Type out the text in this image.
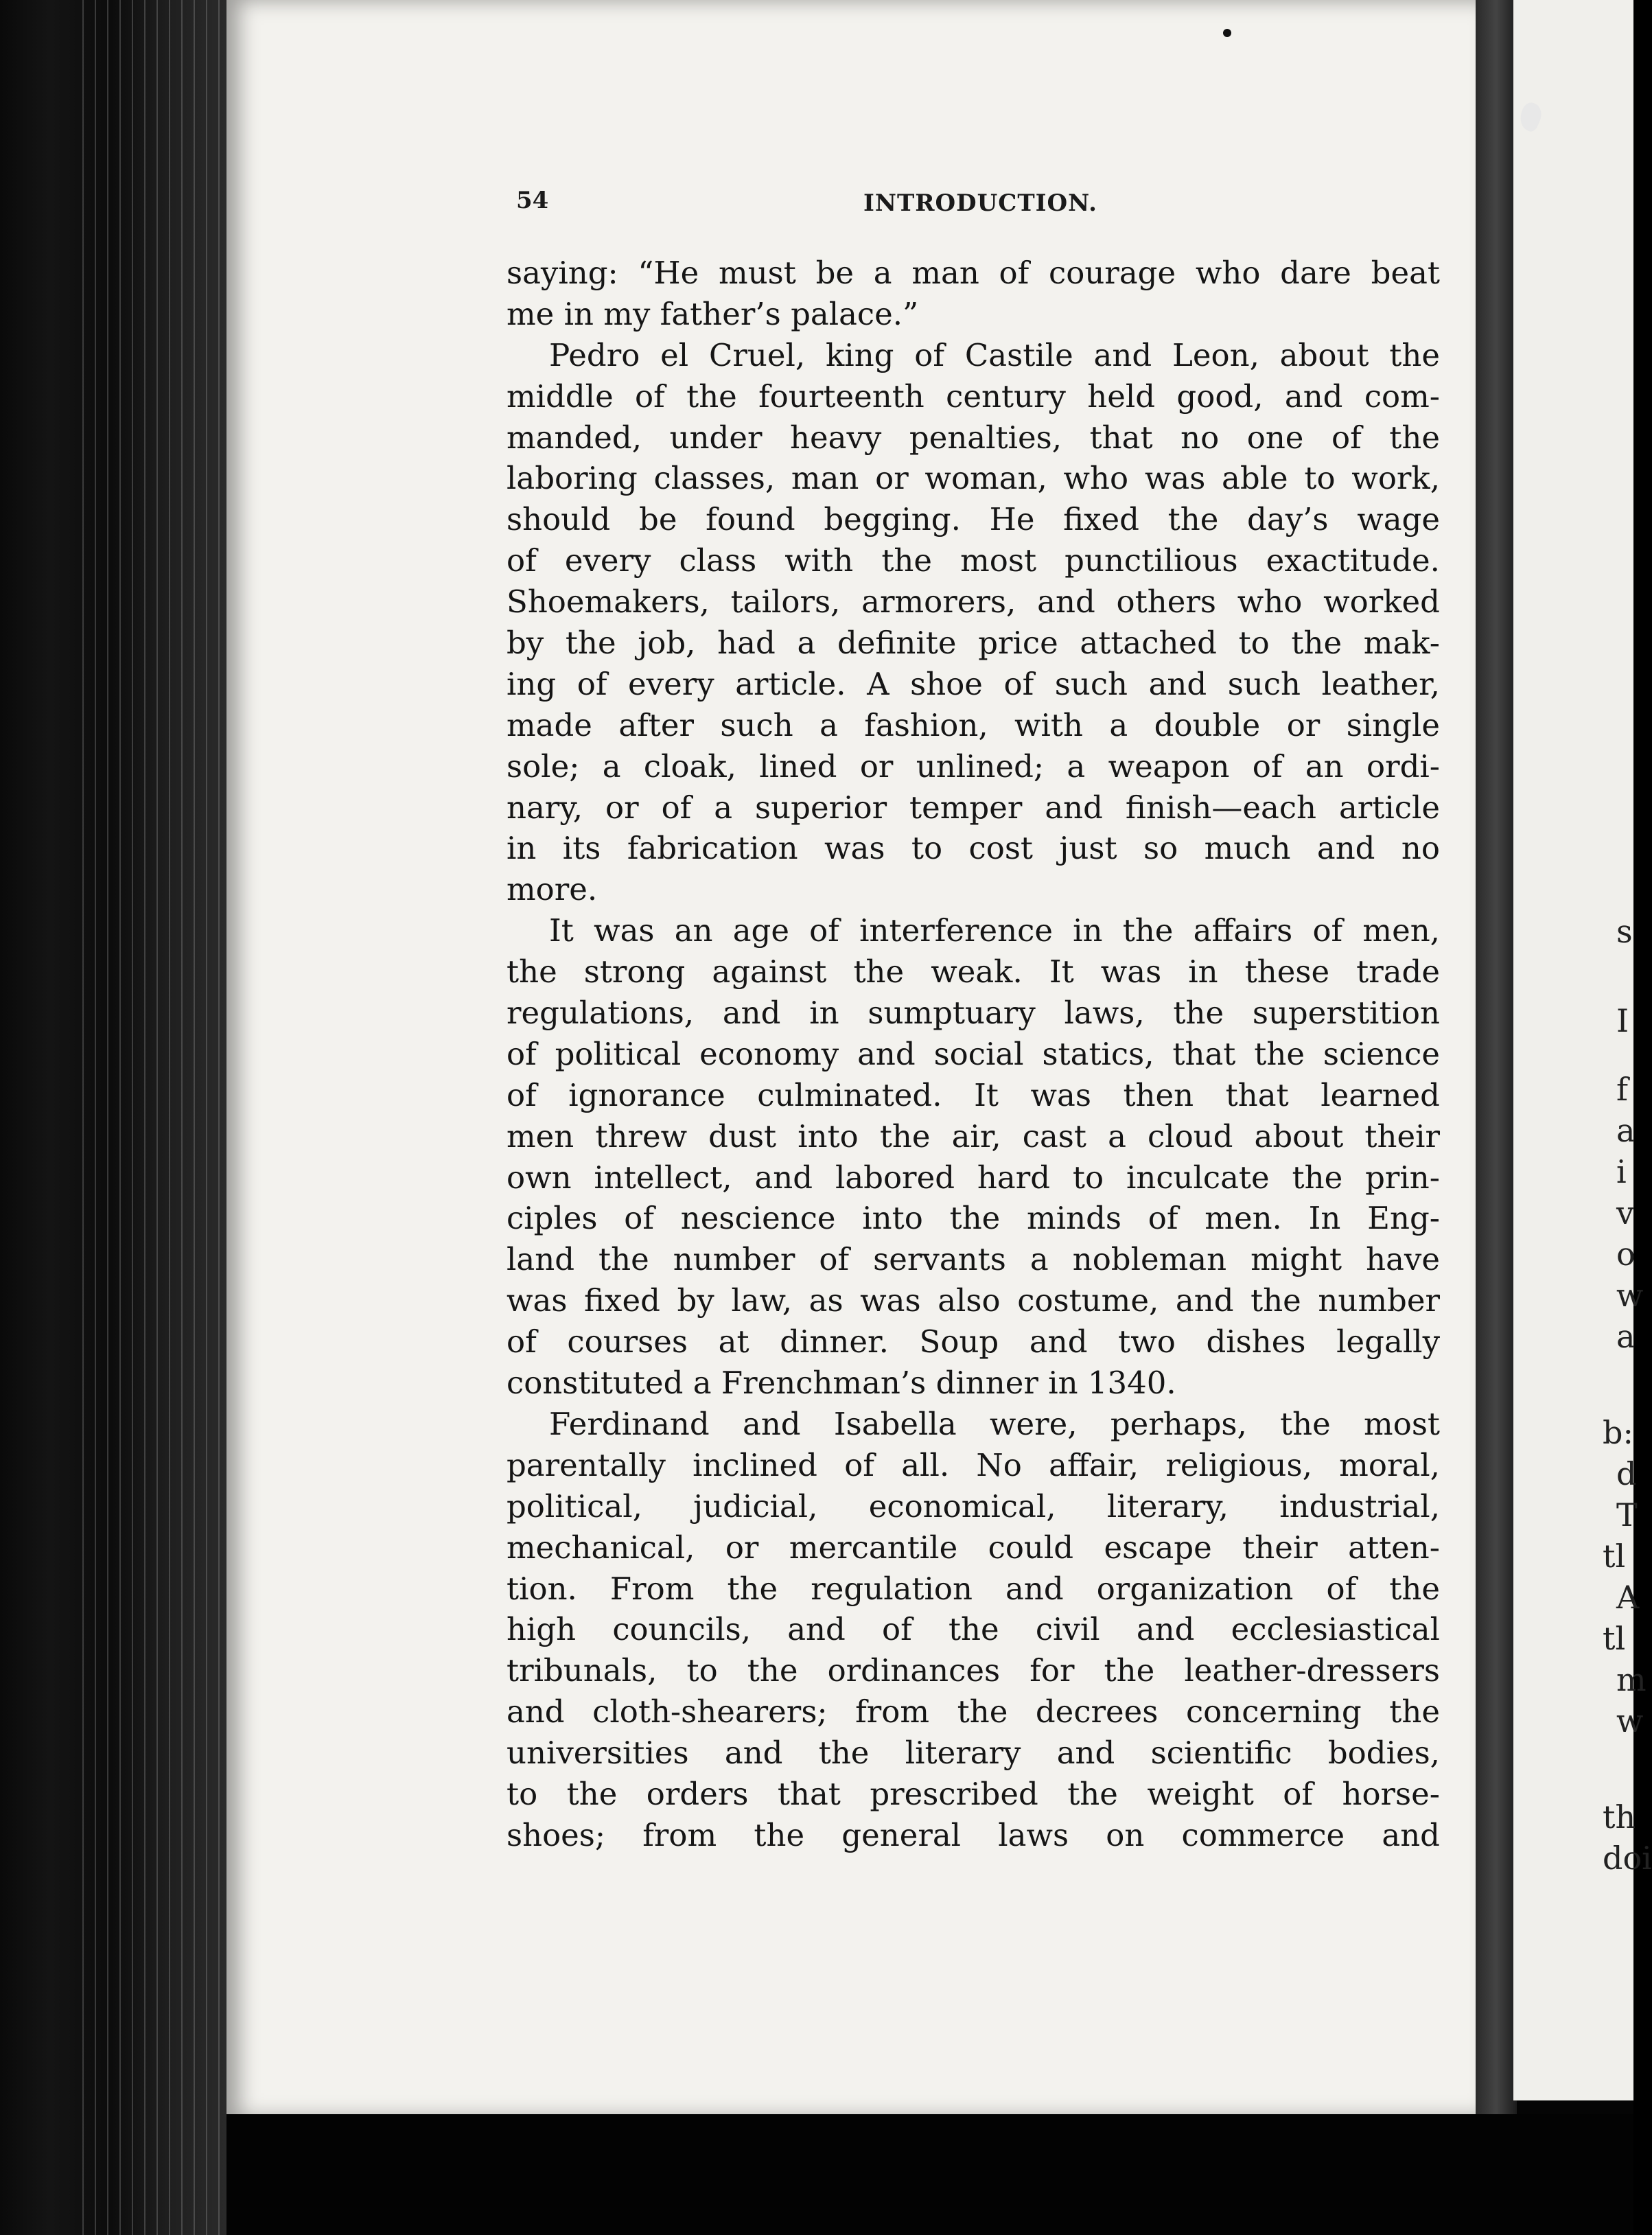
54	INTRODUCTION.
saying: “He must be a man of courage who dare beat
me in my father’s palace.”
Pedro el Cruel, king of Castile and Leon, about the
middle of the fourteenth century held good, and com-
manded, under heavy penalties, that no one of the
laboring classes, man or woman, who was able to work,
should be found begging. He fixed the day’s wage
of every class with the most punctilious exactitude.
Shoemakers, tailors, armorers, and others who worked
by the job, had a definite price attached to the mak-
ing of every article. A shoe of such and such leather,
made after such a fashion, with a double or single
sole; a cloak, lined or unlined; a weapon of an ordi-
nary, or of a superior temper and finish—each article
in its fabrication was to cost just so much and no
more.
It was an age of interference in the affairs of men,
the strong against the weak. It was in these trade
regulations, and in sumptuary laws, the superstition
of political economy and social statics, that the science
of ignorance culminated. It was then that learned
men threw dust into the air, cast a cloud about their
own intellect, and labored hard to inculcate the prin-
ciples of nescience into the minds of men. In Eng-
land the number of servants a nobleman might have
was fixed by law, as was also costume, and the number
of courses at dinner. Soup and two dishes legally
constituted a Frenchman’s dinner in 1340.
Ferdinand and Isabella were, perhaps, the most
parentally inclined of all. No affair, religious, moral,
political, judicial, economical, literary, industrial,
mechanical, or mercantile could escape their atten-
tion. From the regulation and organization of the
high councils, and of the civil and ecclesiastical
tribunals, to the ordinances for the leather-dressers
and cloth-shearers; from the decrees concerning the
universities and the literary and scientific bodies,
to the orders that prescribed the weight of horse-
shoes; from the general laws on commerce and
s
I
f
a
i
v
o
w
a
b:
d
T
tl
A
tl
m
w
th
doi
